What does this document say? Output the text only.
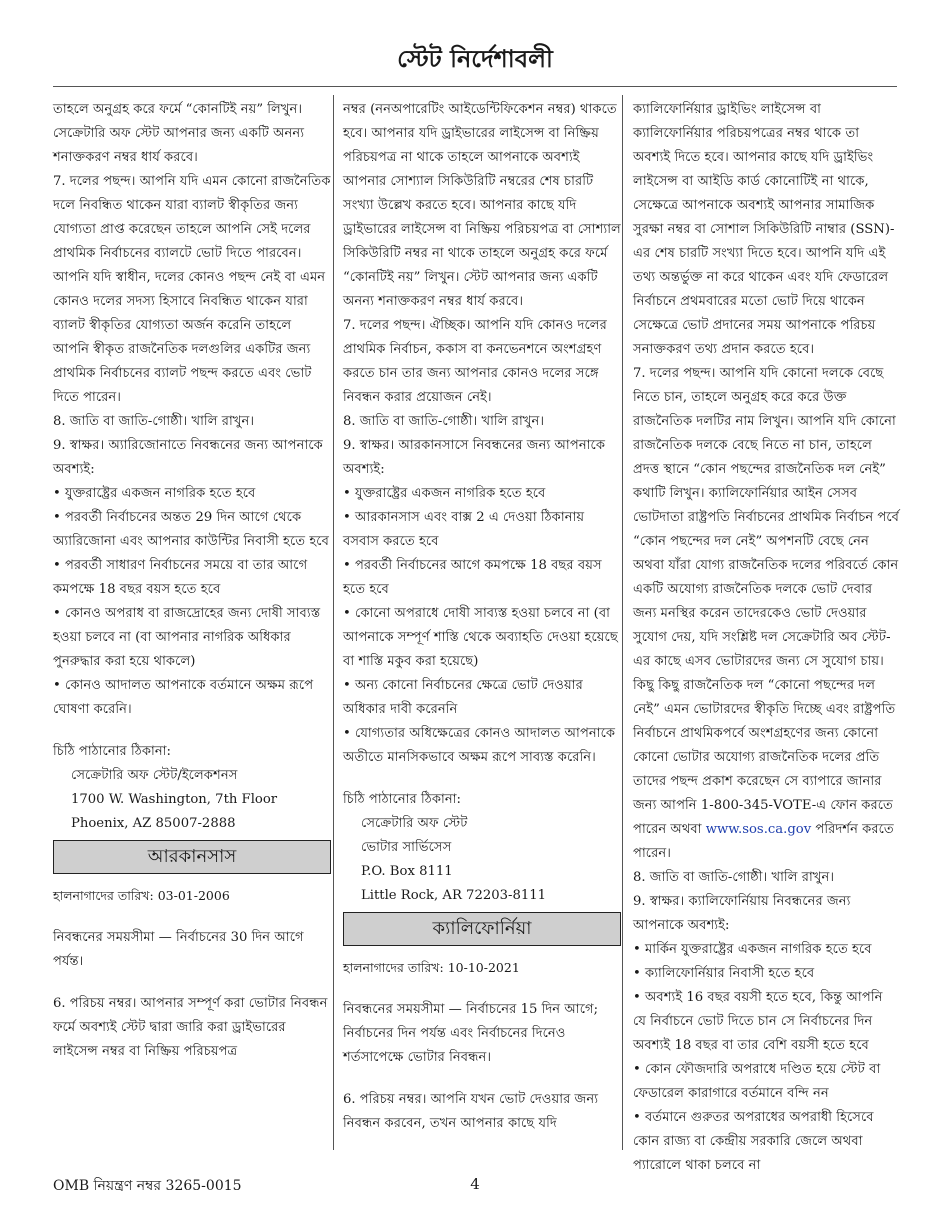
স্টেট নির্দেশাবলী

তাহলে অনুগ্রহ করে ফর্মে “কোনটিই নয়” লিখুন। সেক্রেটারি অফ স্টেট আপনার জন্য একটি অনন্য শনাক্তকরণ নম্বর ধার্য করবে।

7. দলের পছন্দ। আপনি যদি এমন কোনো রাজনৈতিক দলে নিবন্ধিত থাকেন যারা ব্যালট স্বীকৃতির জন্য যোগ্যতা প্রাপ্ত করেছেন তাহলে আপনি সেই দলের প্রাথমিক নির্বাচনের ব্যালটে ভোট দিতে পারবেন। আপনি যদি স্বাধীন, দলের কোনও পছন্দ নেই বা এমন কোনও দলের সদস্য হিসাবে নিবন্ধিত থাকেন যারা ব্যালট স্বীকৃতির যোগ্যতা অর্জন করেনি তাহলে আপনি স্বীকৃত রাজনৈতিক দলগুলির একটির জন্য প্রাথমিক নির্বাচনের ব্যালট পছন্দ করতে এবং ভোট দিতে পারেন।

8. জাতি বা জাতি-গোষ্ঠী। খালি রাখুন।

9. স্বাক্ষর। অ্যারিজোনাতে নিবন্ধনের জন্য আপনাকে অবশ্যই:

• যুক্তরাষ্ট্রের একজন নাগরিক হতে হবে

• পরবর্তী নির্বাচনের অন্তত 29 দিন আগে থেকে অ্যারিজোনা এবং আপনার কাউন্টির নিবাসী হতে হবে

• পরবর্তী সাধারণ নির্বাচনের সময়ে বা তার আগে কমপক্ষে 18 বছর বয়স হতে হবে

• কোনও অপরাধ বা রাজদ্রোহের জন্য দোষী সাব্যস্ত হওয়া চলবে না (বা আপনার নাগরিক অধিকার পুনরুদ্ধার করা হয়ে থাকলে)

• কোনও আদালত আপনাকে বর্তমানে অক্ষম রূপে ঘোষণা করেনি।

চিঠি পাঠানোর ঠিকানা:

সেক্রেটারি অফ স্টেট/ইলেকশনস

1700 W. Washington, 7th Floor

Phoenix, AZ 85007-2888

আরকানসাস

হালনাগাদের তারিখ: 03-01-2006

নিবন্ধনের সময়সীমা — নির্বাচনের 30 দিন আগে পর্যন্ত।

6. পরিচয় নম্বর। আপনার সম্পূর্ণ করা ভোটার নিবন্ধন ফর্মে অবশ্যই স্টেট দ্বারা জারি করা ড্রাইভারের লাইসেন্স নম্বর বা নিষ্ক্রিয় পরিচয়পত্র

নম্বর (ননঅপারেটিং আইডেন্টিফিকেশন নম্বর) থাকতে হবে। আপনার যদি ড্রাইভারের লাইসেন্স বা নিষ্ক্রিয় পরিচয়পত্র না থাকে তাহলে আপনাকে অবশ্যই আপনার সোশ্যাল সিকিউরিটি নম্বরের শেষ চারটি সংখ্যা উল্লেখ করতে হবে। আপনার কাছে যদি ড্রাইভারের লাইসেন্স বা নিষ্ক্রিয় পরিচয়পত্র বা সোশ্যাল সিকিউরিটি নম্বর না থাকে তাহলে অনুগ্রহ করে ফর্মে “কোনটিই নয়” লিখুন। স্টেট আপনার জন্য একটি অনন্য শনাক্তকরণ নম্বর ধার্য করবে।

7. দলের পছন্দ। ঐচ্ছিক। আপনি যদি কোনও দলের প্রাথমিক নির্বাচন, ককাস বা কনভেনশনে অংশগ্রহণ করতে চান তার জন্য আপনার কোনও দলের সঙ্গে নিবন্ধন করার প্রয়োজন নেই।

8. জাতি বা জাতি-গোষ্ঠী। খালি রাখুন।

9. স্বাক্ষর। আরকানসাসে নিবন্ধনের জন্য আপনাকে অবশ্যই:

• যুক্তরাষ্ট্রের একজন নাগরিক হতে হবে

• আরকানসাস এবং বাক্স 2 এ দেওয়া ঠিকানায় বসবাস করতে হবে

• পরবর্তী নির্বাচনের আগে কমপক্ষে 18 বছর বয়স হতে হবে

• কোনো অপরাধে দোষী সাব্যস্ত হওয়া চলবে না (বা আপনাকে সম্পূর্ণ শাস্তি থেকে অব্যাহতি দেওয়া হয়েছে বা শাস্তি মকুব করা হয়েছে)

• অন্য কোনো নির্বাচনের ক্ষেত্রে ভোট দেওয়ার অধিকার দাবী করেননি

• যোগ্যতার অধিক্ষেত্রের কোনও আদালত আপনাকে অতীতে মানসিকভাবে অক্ষম রূপে সাব্যস্ত করেনি।

চিঠি পাঠানোর ঠিকানা:

সেক্রেটারি অফ স্টেট

ভোটার সার্ভিসেস

P.O. Box 8111

Little Rock, AR 72203-8111

ক্যালিফোর্নিয়া

হালনাগাদের তারিখ: 10-10-2021

নিবন্ধনের সময়সীমা — নির্বাচনের 15 দিন আগে; নির্বাচনের দিন পর্যন্ত এবং নির্বাচনের দিনেও শর্তসাপেক্ষে ভোটার নিবন্ধন।

6. পরিচয় নম্বর। আপনি যখন ভোট দেওয়ার জন্য নিবন্ধন করবেন, তখন আপনার কাছে যদি

ক্যালিফোর্নিয়ার ড্রাইভিং লাইসেন্স বা ক্যালিফোর্নিয়ার পরিচয়পত্রের নম্বর থাকে তা অবশ্যই দিতে হবে। আপনার কাছে যদি ড্রাইভিং লাইসেন্স বা আইডি কার্ড কোনোটিই না থাকে, সেক্ষেত্রে আপনাকে অবশ্যই আপনার সামাজিক সুরক্ষা নম্বর বা সোশাল সিকিউরিটি নাম্বার (SSN)-এর শেষ চারটি সংখ্যা দিতে হবে। আপনি যদি এই তথ্য অন্তর্ভুক্ত না করে থাকেন এবং যদি ফেডারেল নির্বাচনে প্রথমবারের মতো ভোট দিয়ে থাকেন সেক্ষেত্রে ভোট প্রদানের সময় আপনাকে পরিচয় সনাক্তকরণ তথ্য প্রদান করতে হবে।

7. দলের পছন্দ। আপনি যদি কোনো দলকে বেছে নিতে চান, তাহলে অনুগ্রহ করে করে উক্ত রাজনৈতিক দলটির নাম লিখুন। আপনি যদি কোনো রাজনৈতিক দলকে বেছে নিতে না চান, তাহলে প্রদত্ত স্থানে “কোন পছন্দের রাজনৈতিক দল নেই” কথাটি লিখুন। ক্যালিফোর্নিয়ার আইন সেসব ভোটদাতা রাষ্ট্রপতি নির্বাচনের প্রাথমিক নির্বাচন পর্বে “কোন পছন্দের দল নেই” অপশনটি বেছে নেন অথবা যাঁরা যোগ্য রাজনৈতিক দলের পরিবর্তে কোন একটি অযোগ্য রাজনৈতিক দলকে ভোট দেবার জন্য মনস্থির করেন তাদেরকেও ভোট দেওয়ার সুযোগ দেয়, যদি সংশ্লিষ্ট দল সেক্রেটারি অব স্টেট-এর কাছে এসব ভোটারদের জন্য সে সুযোগ চায়। কিছু কিছু রাজনৈতিক দল “কোনো পছন্দের দল নেই” এমন ভোটারদের স্বীকৃতি দিচ্ছে এবং রাষ্ট্রপতি নির্বাচনে প্রাথমিকপর্বে অংশগ্রহণের জন্য কোনো কোনো ভোটার অযোগ্য রাজনৈতিক দলের প্রতি তাদের পছন্দ প্রকাশ করেছেন সে ব্যাপারে জানার জন্য আপনি 1-800-345-VOTE-এ ফোন করতে পারেন অথবা www.sos.ca.gov পরিদর্শন করতে পারেন।

8. জাতি বা জাতি-গোষ্ঠী। খালি রাখুন।

9. স্বাক্ষর। ক্যালিফোর্নিয়ায় নিবন্ধনের জন্য আপনাকে অবশ্যই:

• মার্কিন যুক্তরাষ্ট্রের একজন নাগরিক হতে হবে

• ক্যালিফোর্নিয়ার নিবাসী হতে হবে

• অবশ্যই 16 বছর বয়সী হতে হবে, কিন্তু আপনি যে নির্বাচনে ভোট দিতে চান সে নির্বাচনের দিন অবশ্যই 18 বছর বা তার বেশি বয়সী হতে হবে

• কোন ফৌজদারি অপরাধে দণ্ডিত হয়ে স্টেট বা ফেডারেল কারাগারে বর্তমানে বন্দি নন

• বর্তমানে গুরুতর অপরাধের অপরাধী হিসেবে কোন রাজ্য বা কেন্দ্রীয় সরকারি জেলে অথবা প্যারোলে থাকা চলবে না

OMB নিয়ন্ত্রণ নম্বর 3265-0015	4
